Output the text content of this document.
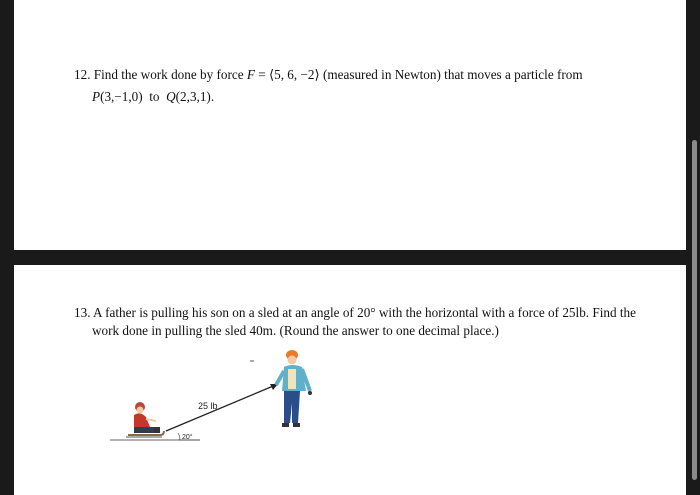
12. Find the work done by force F = ⟨5, 6, −2⟩ (measured in Newton) that moves a particle from
P(3,−1,0)  to  Q(2,3,1).
13. A father is pulling his son on a sled at an angle of 20° with the horizontal with a force of 25lb. Find the
work done in pulling the sled 40m. (Round the answer to one decimal place.)
20°
25 lb
